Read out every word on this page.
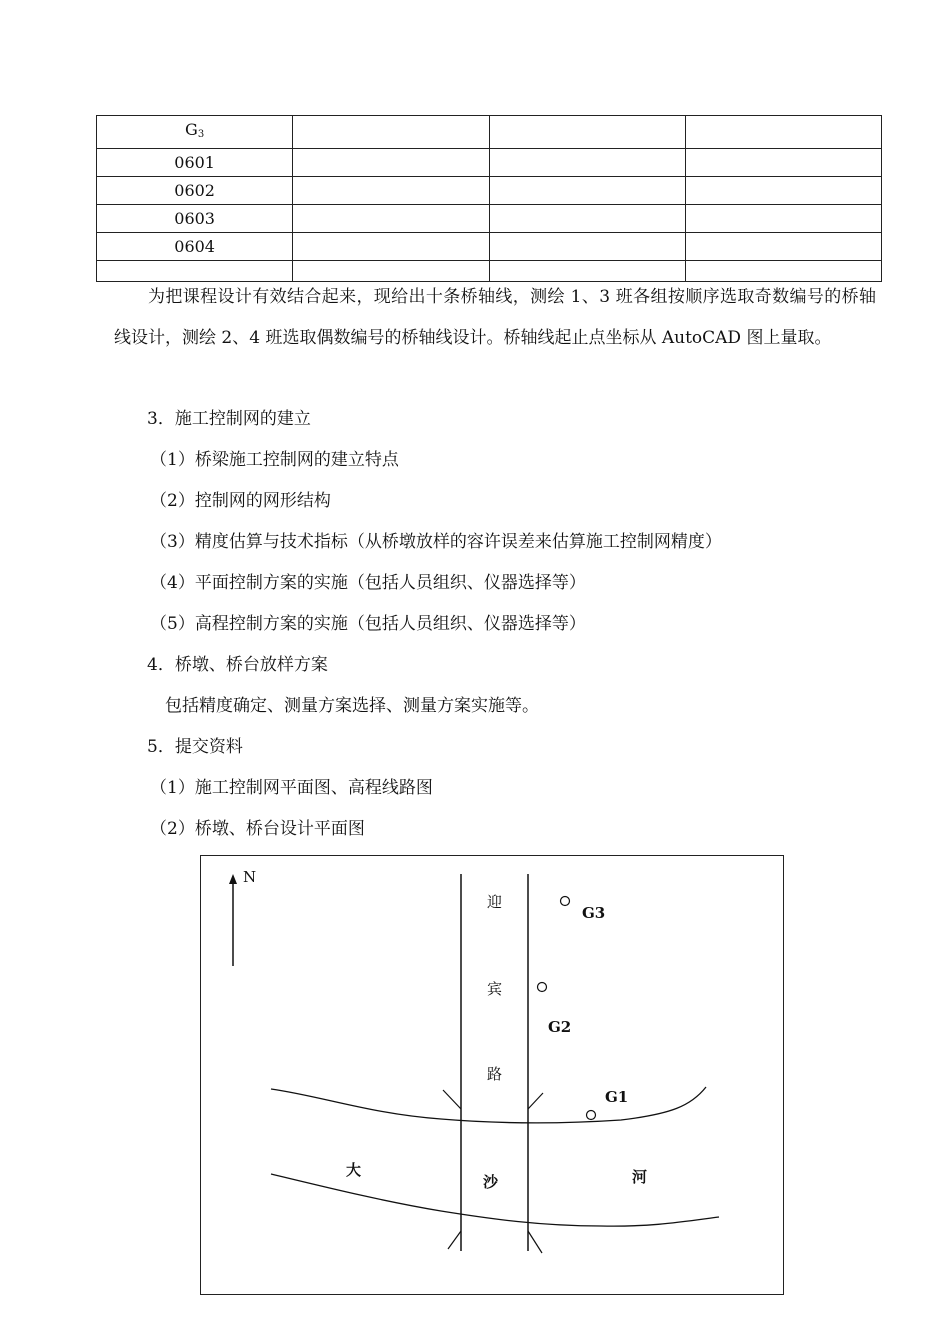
$G_3$			
0601			
0602			
0603			
0604			

为把课程设计有效结合起来，现给出十条桥轴线，测绘 1、3 班各组按顺序选取奇数编号的桥轴线设计，测绘 2、4 班选取偶数编号的桥轴线设计。桥轴线起止点坐标从 AutoCAD 图上量取。
3．施工控制网的建立
（1）桥梁施工控制网的建立特点
（2）控制网的网形结构
（3）精度估算与技术指标（从桥墩放样的容许误差来估算施工控制网精度）
（4）平面控制方案的实施（包括人员组织、仪器选择等）
（5）高程控制方案的实施（包括人员组织、仪器选择等）
4．桥墩、桥台放样方案
包括精度确定、测量方案选择、测量方案实施等。
5．提交资料
（1）施工控制网平面图、高程线路图
（2）桥墩、桥台设计平面图
N
迎
宾
路
G3
G2
G1
大
沙	河
